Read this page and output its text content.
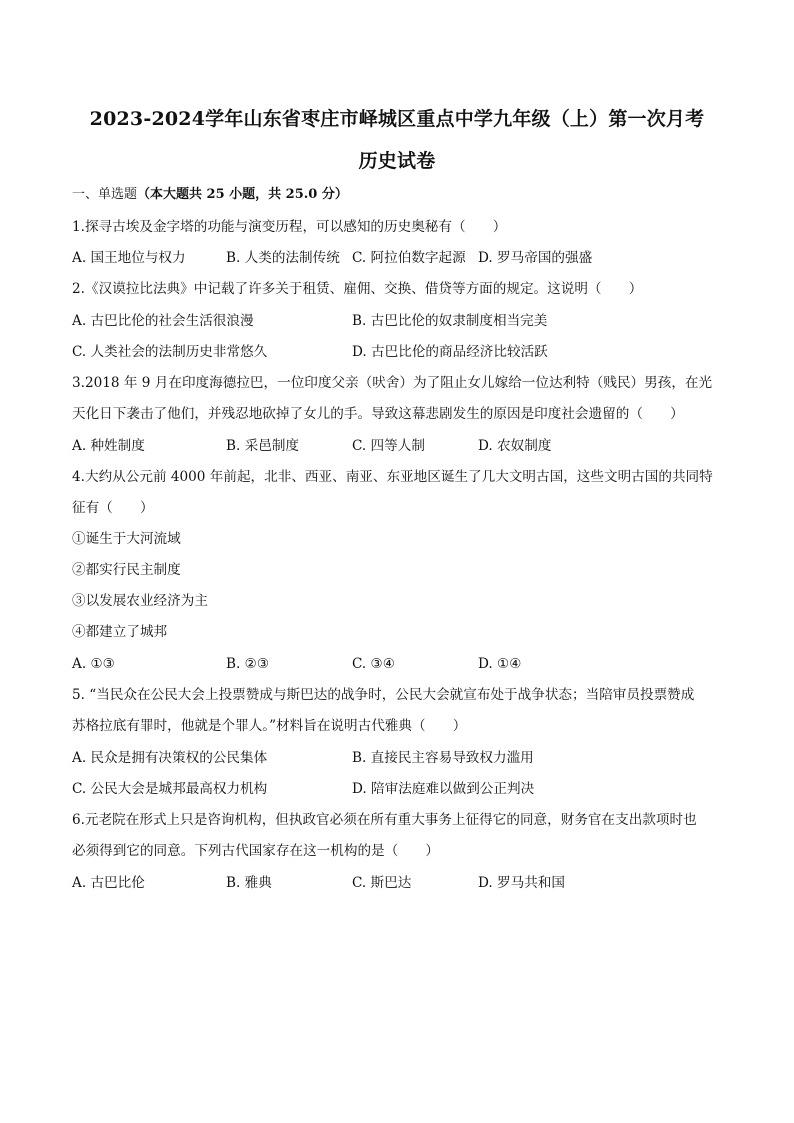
2023-2024学年山东省枣庄市峄城区重点中学九年级（上）第一次月考
历史试卷
一、单选题（本大题共 25 小题，共 25.0 分）
1.探寻古埃及金字塔的功能与演变历程，可以感知的历史奥秘有（　　）
A. 国王地位与权力	B. 人类的法制传统 C. 阿拉伯数字起源 D. 罗马帝国的强盛
2.《汉谟拉比法典》中记载了许多关于租赁、雇佣、交换、借贷等方面的规定。这说明（　　）
A. 古巴比伦的社会生活很浪漫	B. 古巴比伦的奴隶制度相当完美
C. 人类社会的法制历史非常悠久	D. 古巴比伦的商品经济比较活跃
3.2018 年 9 月在印度海德拉巴，一位印度父亲（吠舍）为了阻止女儿嫁给一位达利特（贱民）男孩，在光
天化日下袭击了他们，并残忍地砍掉了女儿的手。导致这幕悲剧发生的原因是印度社会遗留的（　　）
A. 种姓制度	B. 采邑制度	C. 四等人制	D. 农奴制度
4.大约从公元前 4000 年前起，北非、西亚、南亚、东亚地区诞生了几大文明古国，这些文明古国的共同特
征有（　　）
①诞生于大河流域
②都实行民主制度
③以发展农业经济为主
④都建立了城邦
A. ①③	B. ②③	C. ③④	D. ①④
5. “当民众在公民大会上投票赞成与斯巴达的战争时，公民大会就宣布处于战争状态；当陪审员投票赞成
苏格拉底有罪时，他就是个罪人。”材料旨在说明古代雅典（　　）
A. 民众是拥有决策权的公民集体	B. 直接民主容易导致权力滥用
C. 公民大会是城邦最高权力机构	D. 陪审法庭难以做到公正判决
6.元老院在形式上只是咨询机构，但执政官必须在所有重大事务上征得它的同意，财务官在支出款项时也
必须得到它的同意。下列古代国家存在这一机构的是（　　）
A. 古巴比伦	B. 雅典	C. 斯巴达	D. 罗马共和国
